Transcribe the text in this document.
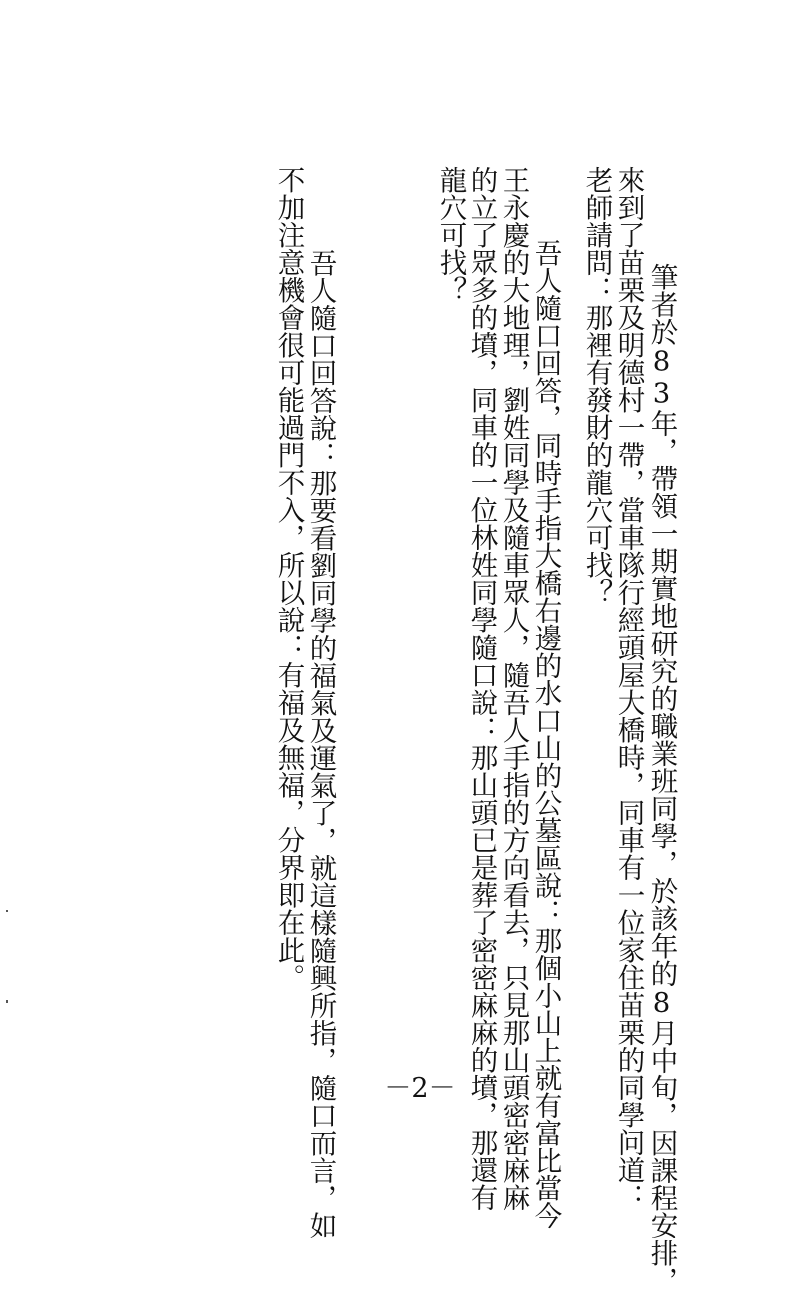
　　筆者於83年，帶領一期實地研究的職業班同學，於該年的8月中旬，因課程安排，
來到了苗栗及明德村一帶，當車隊行經頭屋大橋時，同車有一位家住苗栗的同學问道：
老師請問：那裡有發財的龍穴可找？
　　吾人隨口回答，同時手指大橋右邊的水口山的公墓區說：那個小山上就有富比當今
王永慶的大地理，劉姓同學及隨車眾人，隨吾人手指的方向看去，只見那山頭密密麻麻
的立了眾多的墳，同車的一位林姓同學隨口說：那山頭已是葬了密密麻麻的墳，那還有
龍穴可找？
　　吾人隨口回答說：那要看劉同學的福氣及運氣了，就這樣隨興所指，隨口而言，如
不加注意機會很可能過門不入，所以說：有福及無福，分界即在此。
－2－
